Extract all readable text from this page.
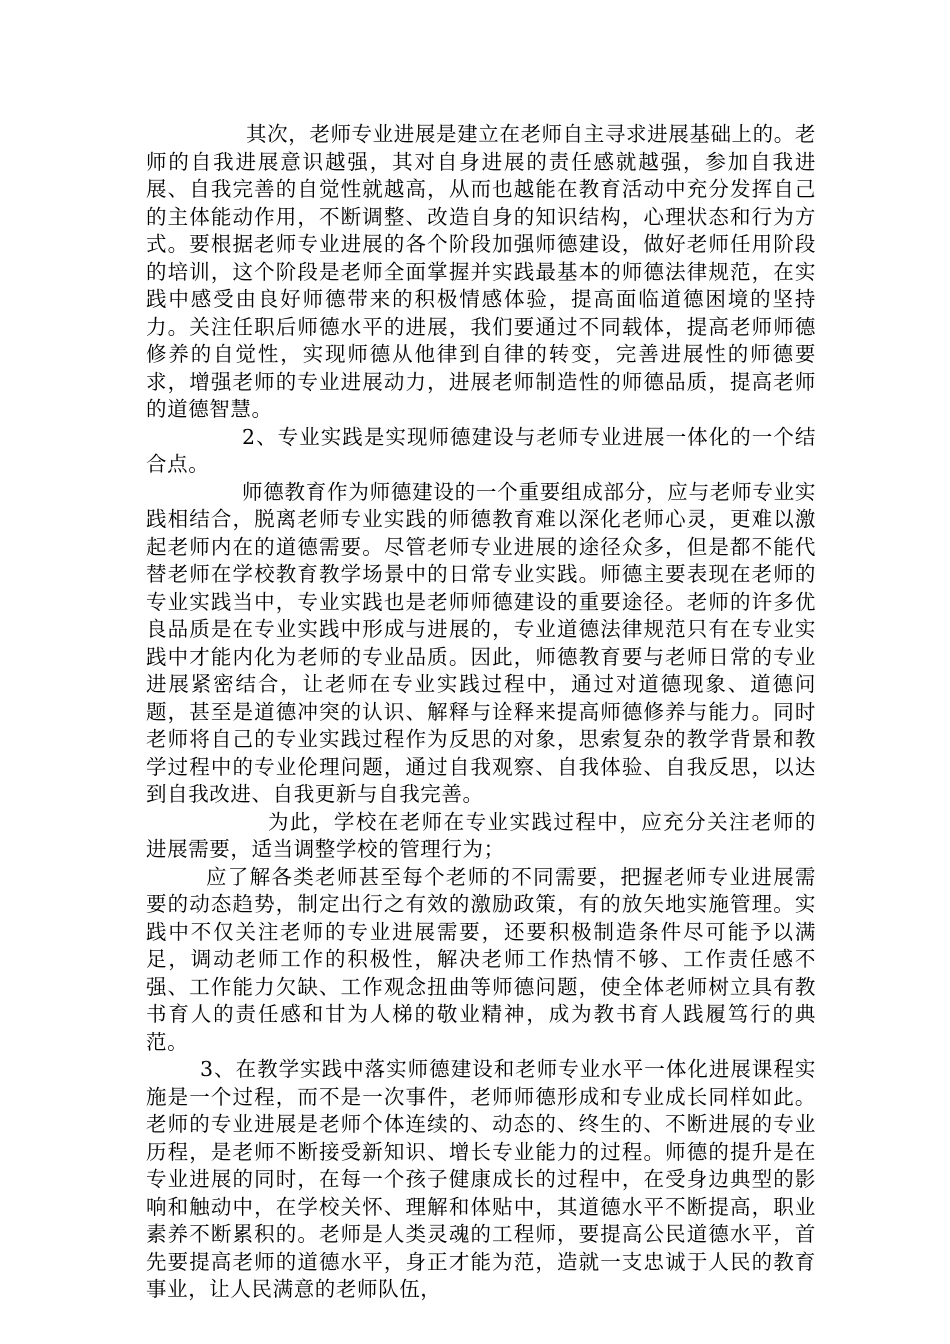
其次，老师专业进展是建立在老师自主寻求进展基础上的。老师的自我进展意识越强，其对自身进展的责任感就越强，参加自我进展、自我完善的自觉性就越高，从而也越能在教育活动中充分发挥自己的主体能动作用，不断调整、改造自身的知识结构，心理状态和行为方式。要根据老师专业进展的各个阶段加强师德建设，做好老师任用阶段的培训，这个阶段是老师全面掌握并实践最基本的师德法律规范，在实践中感受由良好师德带来的积极情感体验，提高面临道德困境的坚持力。关注任职后师德水平的进展，我们要通过不同载体，提高老师师德修养的自觉性，实现师德从他律到自律的转变，完善进展性的师德要求，增强老师的专业进展动力，进展老师制造性的师德品质，提高老师的道德智慧。

2、专业实践是实现师德建设与老师专业进展一体化的一个结合点。

师德教育作为师德建设的一个重要组成部分，应与老师专业实践相结合，脱离老师专业实践的师德教育难以深化老师心灵，更难以激起老师内在的道德需要。尽管老师专业进展的途径众多，但是都不能代替老师在学校教育教学场景中的日常专业实践。师德主要表现在老师的专业实践当中，专业实践也是老师师德建设的重要途径。老师的许多优良品质是在专业实践中形成与进展的，专业道德法律规范只有在专业实践中才能内化为老师的专业品质。因此，师德教育要与老师日常的专业进展紧密结合，让老师在专业实践过程中，通过对道德现象、道德问题，甚至是道德冲突的认识、解释与诠释来提高师德修养与能力。同时老师将自己的专业实践过程作为反思的对象，思索复杂的教学背景和教学过程中的专业伦理问题，通过自我观察、自我体验、自我反思，以达到自我改进、自我更新与自我完善。

为此，学校在老师在专业实践过程中，应充分关注老师的进展需要，适当调整学校的管理行为；

应了解各类老师甚至每个老师的不同需要，把握老师专业进展需要的动态趋势，制定出行之有效的激励政策，有的放矢地实施管理。实践中不仅关注老师的专业进展需要，还要积极制造条件尽可能予以满足，调动老师工作的积极性，解决老师工作热情不够、工作责任感不强、工作能力欠缺、工作观念扭曲等师德问题，使全体老师树立具有教书育人的责任感和甘为人梯的敬业精神，成为教书育人践履笃行的典范。

3、在教学实践中落实师德建设和老师专业水平一体化进展课程实施是一个过程，而不是一次事件，老师师德形成和专业成长同样如此。老师的专业进展是老师个体连续的、动态的、终生的、不断进展的专业历程，是老师不断接受新知识、增长专业能力的过程。师德的提升是在专业进展的同时，在每一个孩子健康成长的过程中，在受身边典型的影响和触动中，在学校关怀、理解和体贴中，其道德水平不断提高，职业素养不断累积的。老师是人类灵魂的工程师，要提高公民道德水平，首先要提高老师的道德水平，身正才能为范，造就一支忠诚于人民的教育事业，让人民满意的老师队伍，
